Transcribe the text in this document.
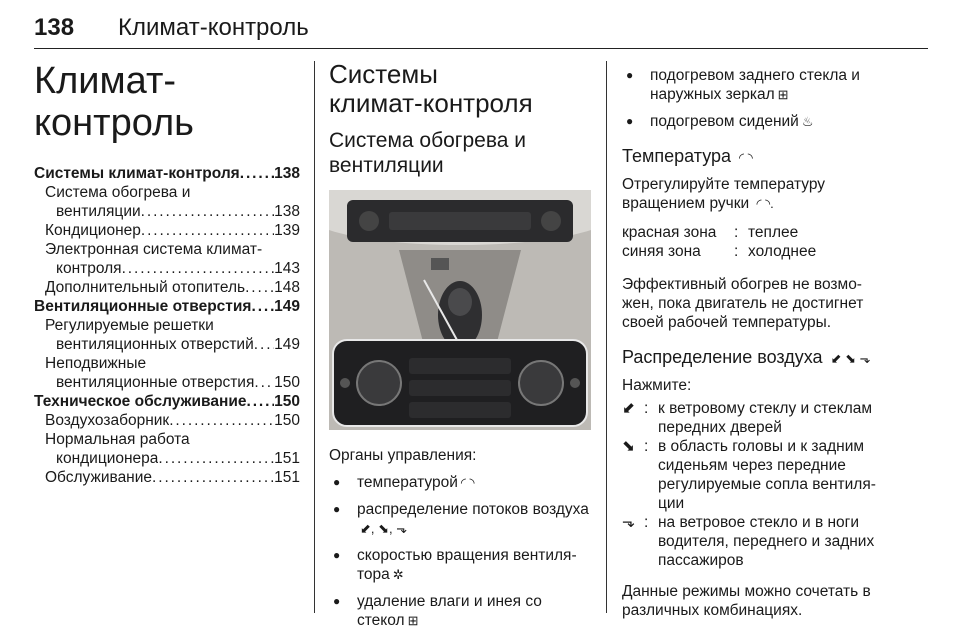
138 Климат-контроль
Климат-контроль
Системы климат-контроля . . . 138
Система обогрева и
вентиляции . . .	138
Кондиционер . . .	139
Электронная система климат-
контроля . . .	143
Дополнительный отопитель . . . 148
Вентиляционные отверстия . . . 149
Регулируемые решетки
вентиляционных отверстий . . . 149
Неподвижные
вентиляционные отверстия . . . 150
Техническое обслуживание . . . 150
Воздухозаборник . . .	150
Нормальная работа
кондиционера . . .	151
Обслуживание . . .	151
Системы
климат-контроля
Система обогрева и
вентиляции

Органы управления:

● температурой ◜ ◝
● распределение потоков воздуха⬋, ⬊, ⬎
● скоростью вращения вентиля-тора ✲
● удаление влаги и инея со стекол ⊞
● подогревом заднего стекла и наружных зеркал ⊞
● подогревом сидений ♨
Температура ◜ ◝

Отрегулируйте температуру вращением ручки ◜ ◝.

красная зона	: теплее
синяя зона	: холоднее

Эффективный обогрев не возмо-жен, пока двигатель не достигнет своей рабочей температуры.

Распределение воздуха ⬋ ⬊ ⬎

Нажмите:

⬋ : к ветровому стеклу и стеклам передних дверей
⬊ : в область головы и к задним сиденьям через передние регулируемые сопла вентиля-ции
⬎ : на ветровое стекло и в ноги водителя, переднего и задних пассажиров

Данные режимы можно сочетать в различных комбинациях.
